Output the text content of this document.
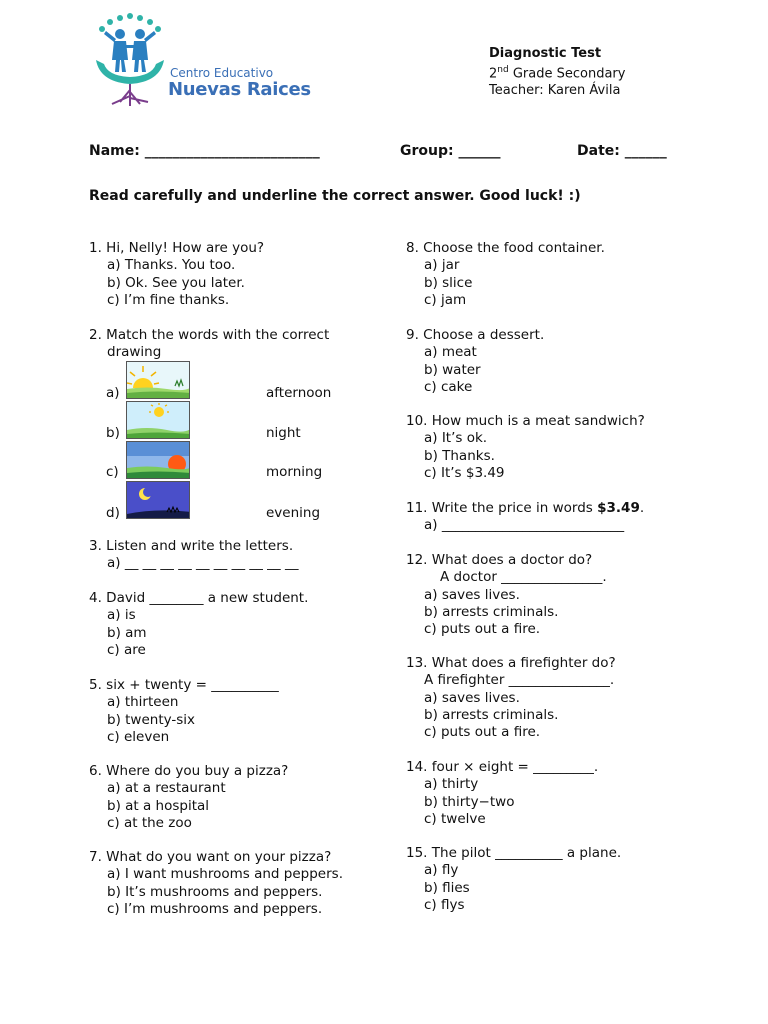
Centro Educativo
Nuevas Raices
Diagnostic Test
2nd Grade Secondary
Teacher: Karen Ávila
Name: _________________________	Group: ______	Date: ______
Read carefully and underline the correct answer. Good luck! :)
1. Hi, Nelly! How are you?
a) Thanks. You too.
b) Ok. See you later.
c) I’m fine thanks.
2. Match the words with the correct
drawing
a)
b)
c)
d)
afternoon
night
morning
evening
3. Listen and write the letters.
a) __ __ __ __ __ __ __ __ __ __
4. David ________ a new student.
a) is
b) am
c) are
5. six + twenty = __________
a) thirteen
b) twenty-six
c) eleven
6. Where do you buy a pizza?
a) at a restaurant
b) at a hospital
c) at the zoo
7. What do you want on your pizza?
a) I want mushrooms and peppers.
b) It’s mushrooms and peppers.
c) I’m mushrooms and peppers.
8. Choose the food container.
a) jar
b) slice
c) jam
9. Choose a dessert.
a) meat
b) water
c) cake
10. How much is a meat sandwich?
a) It’s ok.
b) Thanks.
c) It’s $3.49
11. Write the price in words $3.49.
a) ___________________________
12. What does a doctor do?
A doctor _______________.
a) saves lives.
b) arrests criminals.
c) puts out a fire.
13. What does a firefighter do?
A firefighter _______________.
a) saves lives.
b) arrests criminals.
c) puts out a fire.
14. four × eight = _________.
a) thirty
b) thirty−two
c) twelve
15. The pilot __________ a plane.
a) fly
b) flies
c) flys
